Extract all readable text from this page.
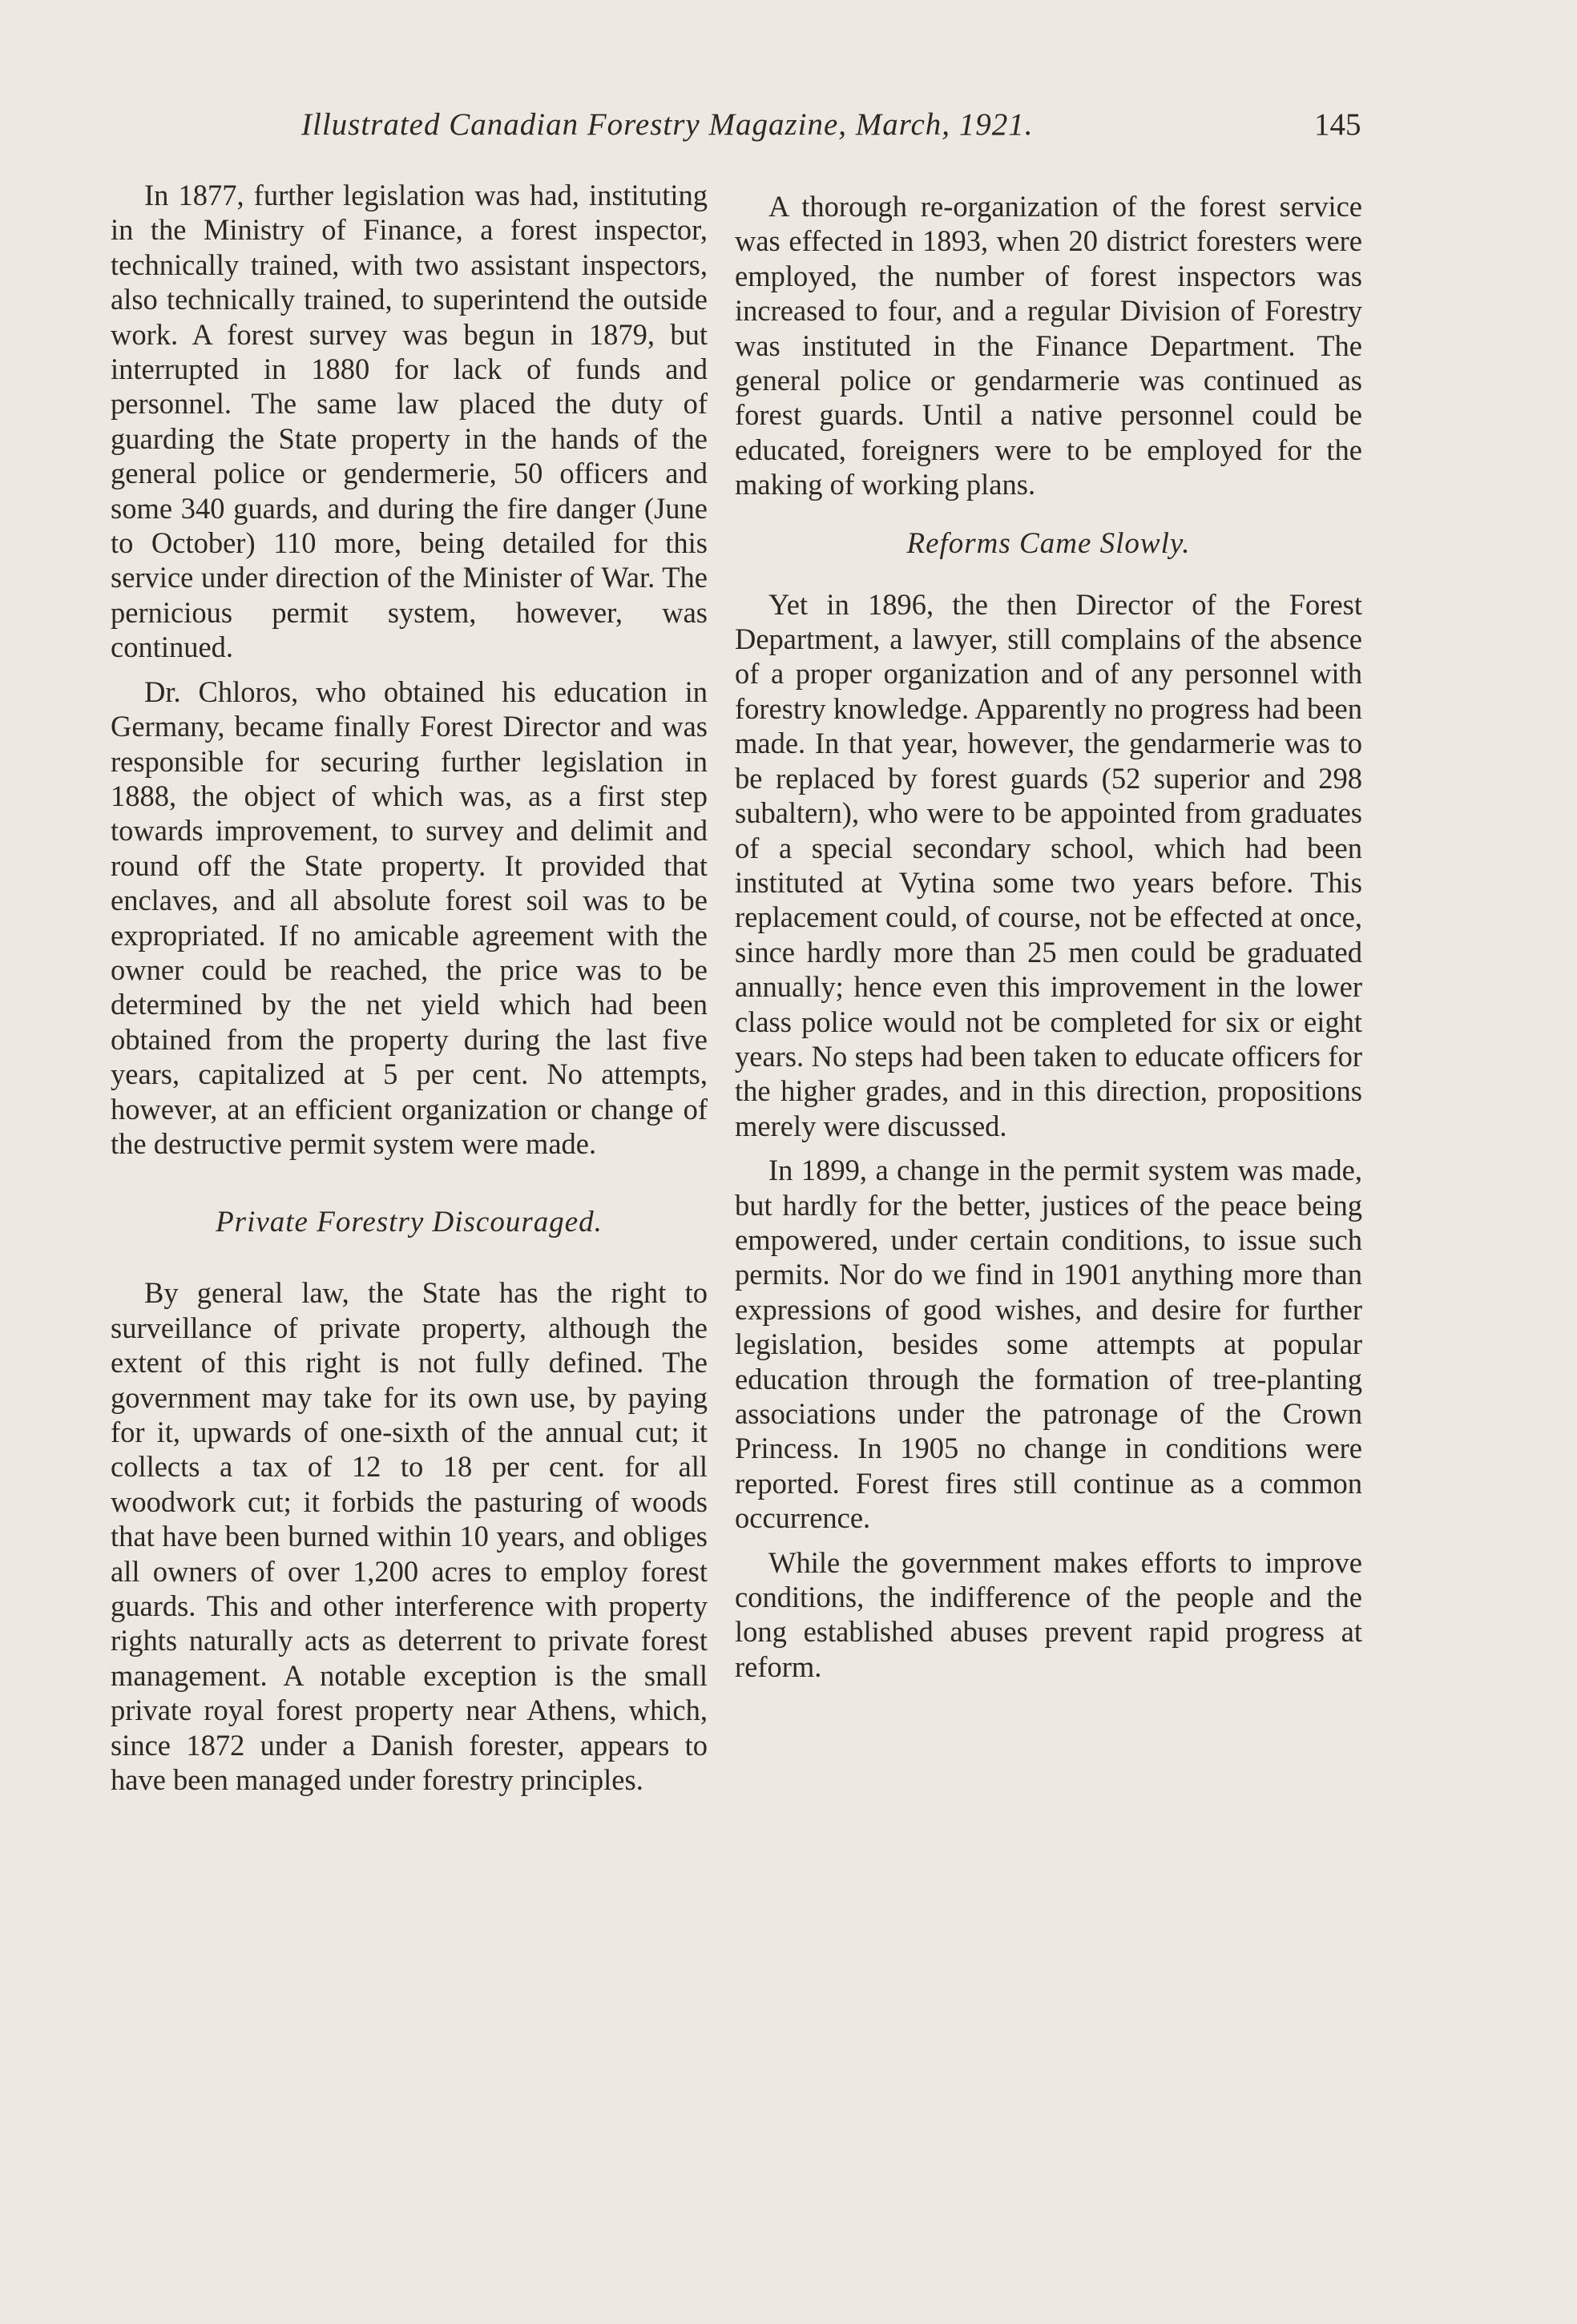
Illustrated Canadian Forestry Magazine, March, 1921.	145

In 1877, further legislation was had, instituting in the Ministry of Finance, a forest inspector, technically trained, with two assistant inspectors, also technically trained, to superintend the outside work. A forest survey was begun in 1879, but interrupted in 1880 for lack of funds and personnel. The same law placed the duty of guarding the State property in the hands of the general police or gendermerie, 50 officers and some 340 guards, and during the fire danger (June to October) 110 more, being detailed for this service under direction of the Minister of War. The pernicious permit system, however, was continued.

Dr. Chloros, who obtained his education in Germany, became finally Forest Director and was responsible for securing further legislation in 1888, the object of which was, as a first step towards improvement, to survey and delimit and round off the State property. It provided that enclaves, and all absolute forest soil was to be expropriated. If no amicable agreement with the owner could be reached, the price was to be determined by the net yield which had been obtained from the property during the last five years, capitalized at 5 per cent. No attempts, however, at an efficient organization or change of the destructive permit system were made.

Private Forestry Discouraged.

By general law, the State has the right to surveillance of private property, although the extent of this right is not fully defined. The government may take for its own use, by paying for it, upwards of one-sixth of the annual cut; it collects a tax of 12 to 18 per cent. for all woodwork cut; it forbids the pasturing of woods that have been burned within 10 years, and obliges all owners of over 1,200 acres to employ forest guards. This and other interference with property rights naturally acts as deterrent to private forest management. A notable exception is the small private royal forest property near Athens, which, since 1872 under a Danish forester, appears to have been managed under forestry principles.

A thorough re-organization of the forest service was effected in 1893, when 20 district foresters were employed, the number of forest inspectors was increased to four, and a regular Division of Forestry was instituted in the Finance Department. The general police or gendarmerie was continued as forest guards. Until a native personnel could be educated, foreigners were to be employed for the making of working plans.

Reforms Came Slowly.

Yet in 1896, the then Director of the Forest Department, a lawyer, still complains of the absence of a proper organization and of any personnel with forestry knowledge. Apparently no progress had been made. In that year, however, the gendarmerie was to be replaced by forest guards (52 superior and 298 subaltern), who were to be appointed from graduates of a special secondary school, which had been instituted at Vytina some two years before. This replacement could, of course, not be effected at once, since hardly more than 25 men could be graduated annually; hence even this improvement in the lower class police would not be completed for six or eight years. No steps had been taken to educate officers for the higher grades, and in this direction, propositions merely were discussed.

In 1899, a change in the permit system was made, but hardly for the better, justices of the peace being empowered, under certain conditions, to issue such permits. Nor do we find in 1901 anything more than expressions of good wishes, and desire for further legislation, besides some attempts at popular education through the formation of tree-planting associations under the patronage of the Crown Princess. In 1905 no change in conditions were reported. Forest fires still continue as a common occurrence.

While the government makes efforts to improve conditions, the indifference of the people and the long established abuses prevent rapid progress at reform.
